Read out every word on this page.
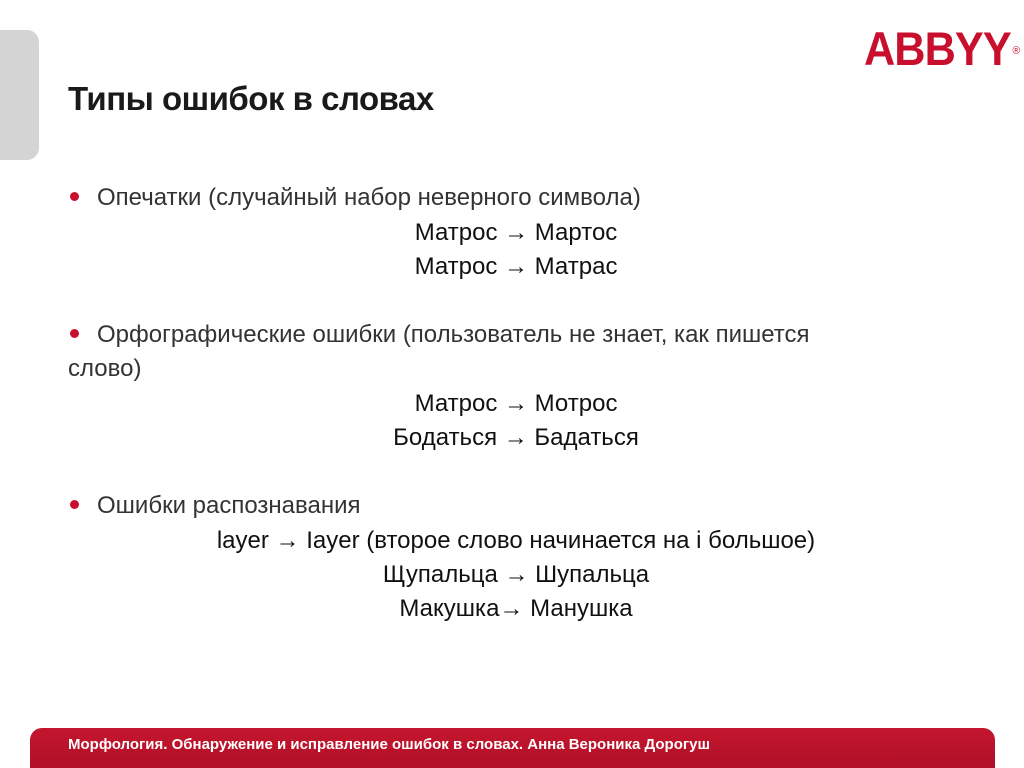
ABBYY ®
Типы ошибок в словах
Опечатки (случайный набор неверного символа)
Матрос → Мартос
Матрос → Матрас
Орфографические ошибки (пользователь не знает, как пишется
слово)
Матрос → Мотрос
Бодаться → Бадаться
Ошибки распознавания
layer → Iayer (второе слово начинается на i большое)
Щупальца → Шупальца
Макушка→ Манушка
Морфология. Обнаружение и исправление ошибок в словах. Анна Вероника Дорогуш
